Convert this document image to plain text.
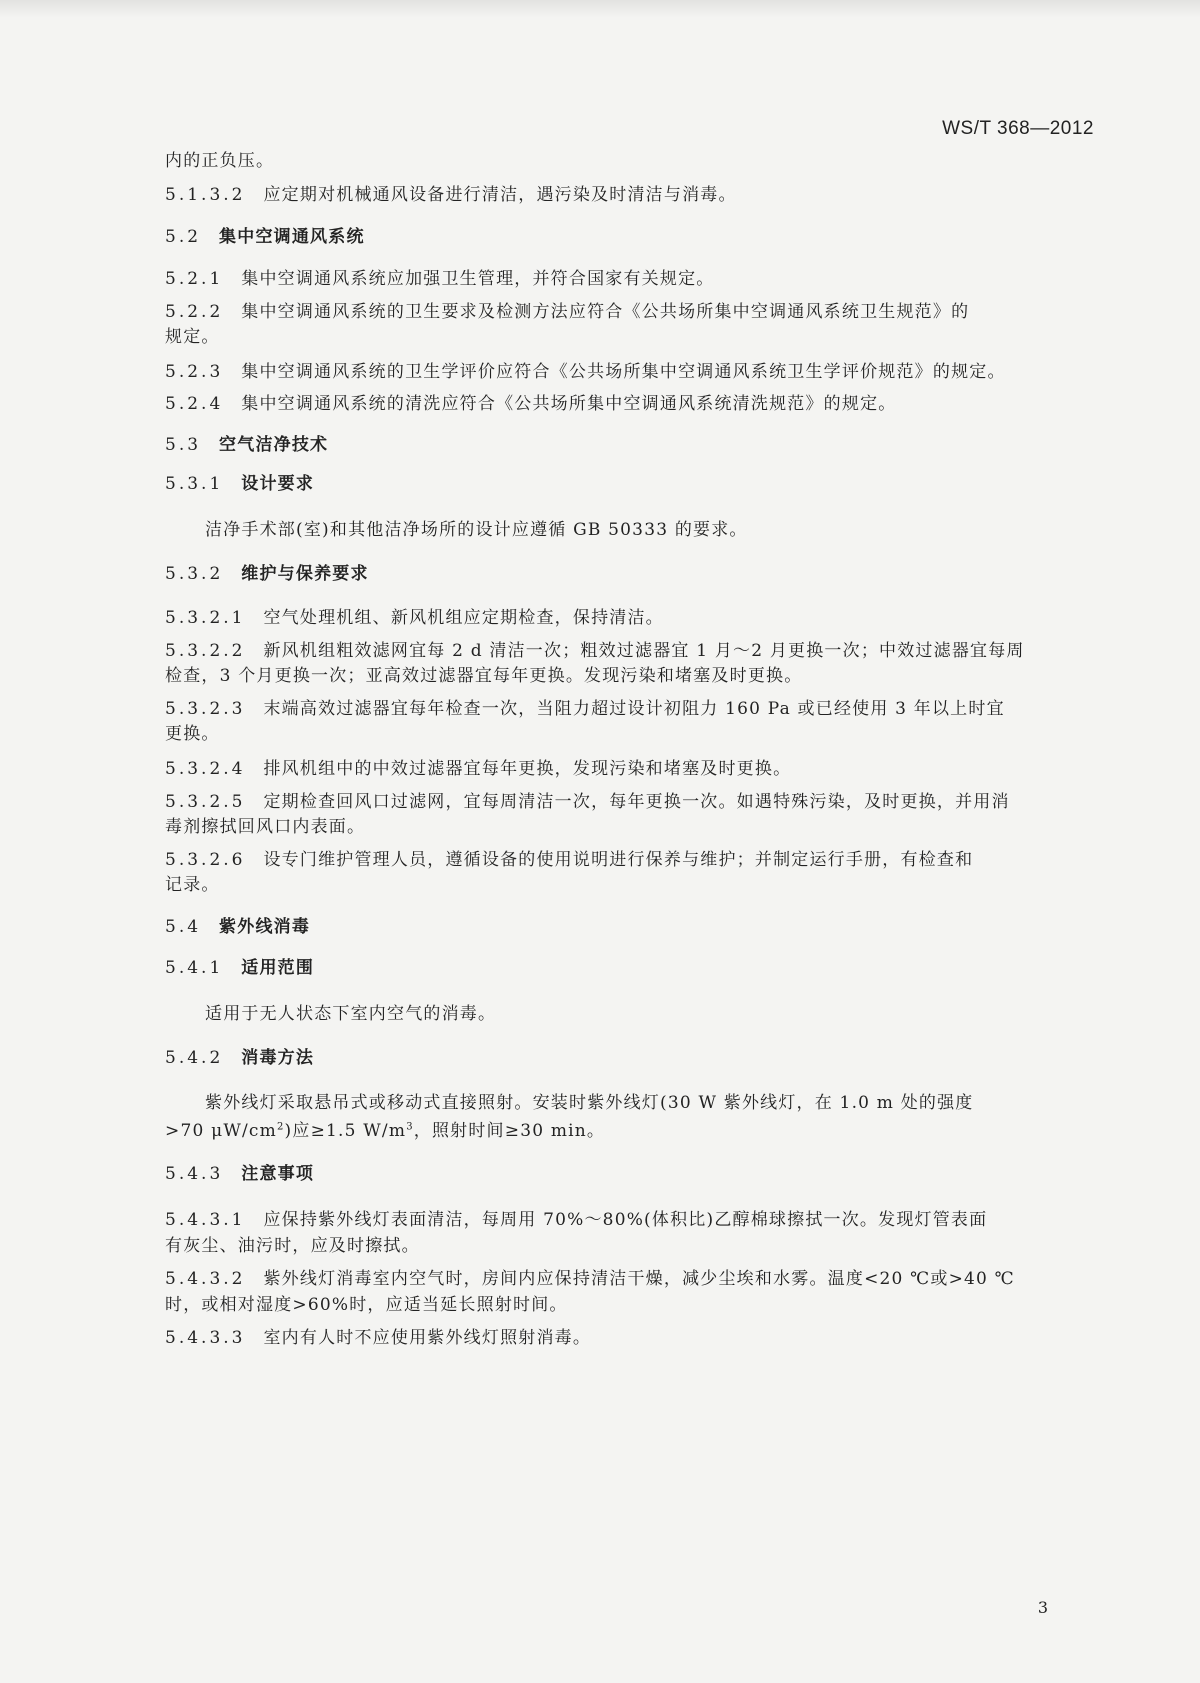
WS/T 368—2012
内的正负压。
5.1.3.2 应定期对机械通风设备进行清洁，遇污染及时清洁与消毒。
5.2 集中空调通风系统
5.2.1 集中空调通风系统应加强卫生管理，并符合国家有关规定。
5.2.2 集中空调通风系统的卫生要求及检测方法应符合《公共场所集中空调通风系统卫生规范》的
规定。
5.2.3 集中空调通风系统的卫生学评价应符合《公共场所集中空调通风系统卫生学评价规范》的规定。
5.2.4 集中空调通风系统的清洗应符合《公共场所集中空调通风系统清洗规范》的规定。
5.3 空气洁净技术
5.3.1 设计要求
洁净手术部(室)和其他洁净场所的设计应遵循 GB 50333 的要求。
5.3.2 维护与保养要求
5.3.2.1 空气处理机组、新风机组应定期检查，保持清洁。
5.3.2.2 新风机组粗效滤网宜每 2 d 清洁一次；粗效过滤器宜 1 月～2 月更换一次；中效过滤器宜每周
检查，3 个月更换一次；亚高效过滤器宜每年更换。发现污染和堵塞及时更换。
5.3.2.3 末端高效过滤器宜每年检查一次，当阻力超过设计初阻力 160 Pa 或已经使用 3 年以上时宜
更换。
5.3.2.4 排风机组中的中效过滤器宜每年更换，发现污染和堵塞及时更换。
5.3.2.5 定期检查回风口过滤网，宜每周清洁一次，每年更换一次。如遇特殊污染，及时更换，并用消
毒剂擦拭回风口内表面。
5.3.2.6 设专门维护管理人员，遵循设备的使用说明进行保养与维护；并制定运行手册，有检查和
记录。
5.4 紫外线消毒
5.4.1 适用范围
适用于无人状态下室内空气的消毒。
5.4.2 消毒方法
紫外线灯采取悬吊式或移动式直接照射。安装时紫外线灯(30 W 紫外线灯，在 1.0 m 处的强度
>70 $\mu W/cm^2$)应≥1.5 $W/m^3$，照射时间≥30 min。
5.4.3 注意事项
5.4.3.1 应保持紫外线灯表面清洁，每周用 70%～80%(体积比)乙醇棉球擦拭一次。发现灯管表面
有灰尘、油污时，应及时擦拭。
5.4.3.2 紫外线灯消毒室内空气时，房间内应保持清洁干燥，减少尘埃和水雾。温度<20 ℃或>40 ℃
时，或相对湿度>60%时，应适当延长照射时间。
5.4.3.3 室内有人时不应使用紫外线灯照射消毒。
3
